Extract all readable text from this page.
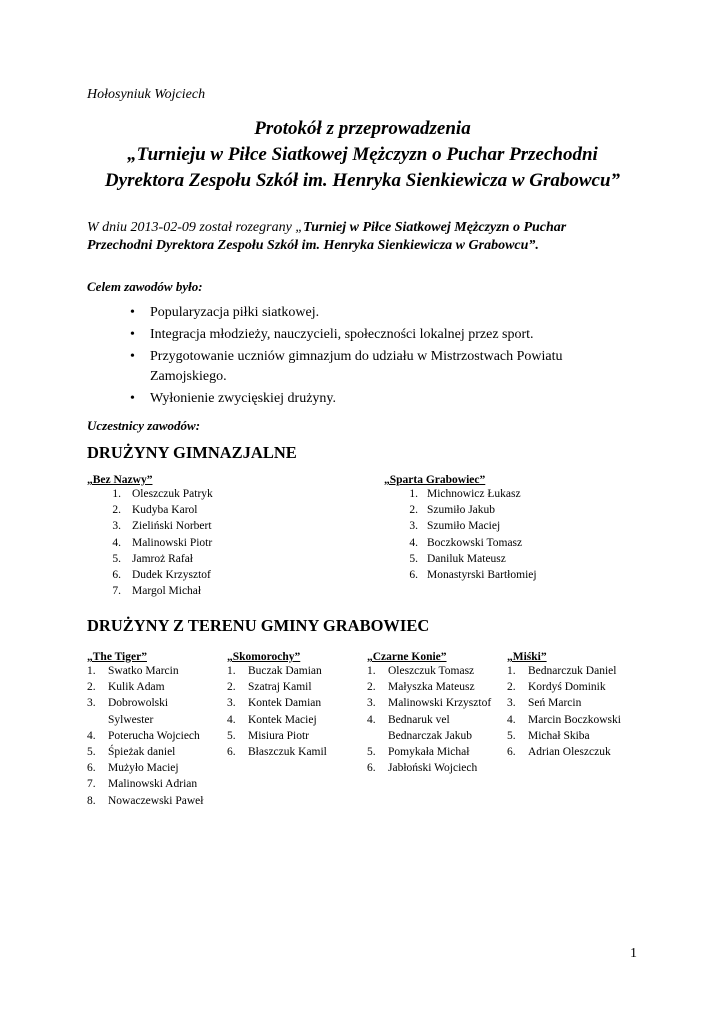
Hołosyniuk Wojciech
Protokół z przeprowadzenia
„Turnieju w Piłce Siatkowej Mężczyzn o Puchar Przechodni
Dyrektora Zespołu Szkół im. Henryka Sienkiewicza w Grabowcu”
W dniu 2013-02-09 został rozegrany „Turniej w Piłce Siatkowej Mężczyzn o Puchar
Przechodni Dyrektora Zespołu Szkół im. Henryka Sienkiewicza w Grabowcu”.
Celem zawodów było:
• Popularyzacja piłki siatkowej.
• Integracja młodzieży, nauczycieli, społeczności lokalnej przez sport.
• Przygotowanie uczniów gimnazjum do udziału w Mistrzostwach Powiatu Zamojskiego.
• Wyłonienie zwycięskiej drużyny.
Uczestnicy zawodów:
DRUŻYNY GIMNAZJALNE
„Bez Nazwy”
1. Oleszczuk Patryk
2. Kudyba Karol
3. Zieliński Norbert
4. Malinowski Piotr
5. Jamroż Rafał
6. Dudek Krzysztof
7. Margol Michał
„Sparta Grabowiec”
1. Michnowicz Łukasz
2. Szumiło Jakub
3. Szumiło Maciej
4. Boczkowski Tomasz
5. Daniluk Mateusz
6. Monastyrski Bartłomiej
DRUŻYNY Z TERENU GMINY GRABOWIEC
„The Tiger”
1.	Swatko Marcin
2.	Kulik Adam
3.	Dobrowolski
Sylwester
4.	Poterucha Wojciech
5.	Śpieżak daniel
6.	Mużyło Maciej
7.	Malinowski Adrian
8.	Nowaczewski Paweł
„Skomorochy”
1.	Buczak Damian
2.	Szatraj Kamil
3.	Kontek Damian
4.	Kontek Maciej
5.	Misiura Piotr
6.	Błaszczuk Kamil
„Czarne Konie”
1.	Oleszczuk Tomasz
2.	Małyszka Mateusz
3.	Malinowski Krzysztof
4.	Bednaruk vel
Bednarczak Jakub
5.	Pomykała Michał
6.	Jabłoński Wojciech
„Miśki”
1.	Bednarczuk Daniel
2.	Kordyś Dominik
3.	Seń Marcin
4.	Marcin Boczkowski
5.	Michał Skiba
6.	Adrian Oleszczuk
1
